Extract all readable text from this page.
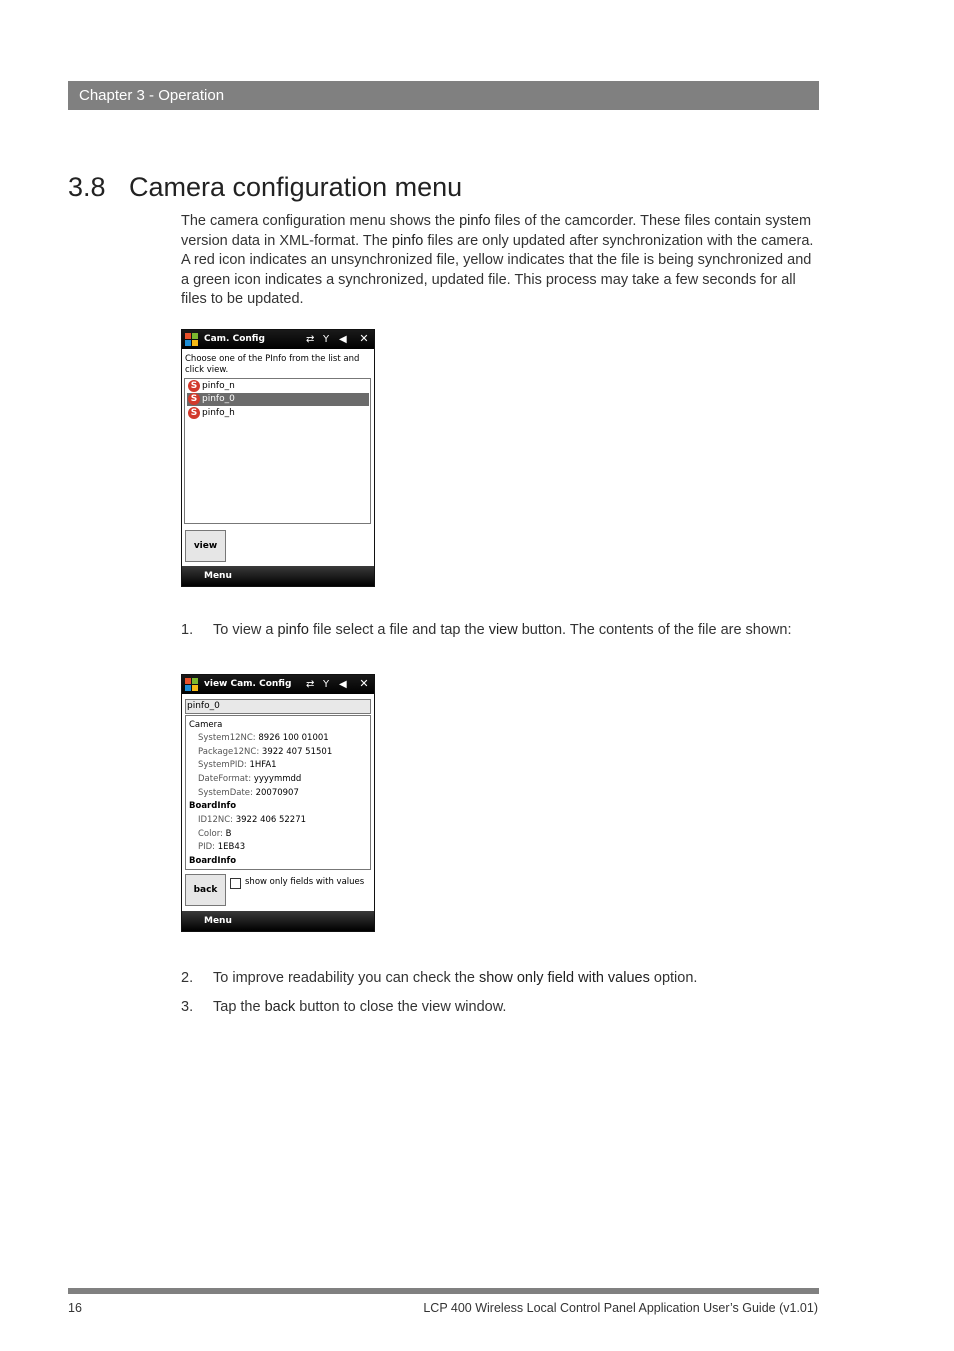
Chapter 3 - Operation
3.8 Camera configuration menu

The camera configuration menu shows the pinfo files of the camcorder. These files contain system version data in XML-format. The pinfo files are only updated after synchronization with the camera. A red icon indicates an unsynchronized file, yellow indicates that the file is being synchronized and a green icon indicates a synchronized, updated file. This process may take a few seconds for all files to be updated.

Cam. Config	⇄ Y ◀ ✕
Choose one of the PInfo from the list and click view.
S pinfo_n
S pinfo_0
S pinfo_h
view
Menu

1. To view a pinfo file select a file and tap the view button. The contents of the file are shown:

view Cam. Config ⇄ Y ◀ ✕
pinfo_0
Camera
System12NC: 8926 100 01001
Package12NC: 3922 407 51501
SystemPID: 1HFA1
DateFormat: yyyymmdd
SystemDate: 20070907
BoardInfo
ID12NC: 3922 406 52271
Color: B
PID: 1EB43
BoardInfo
back
show only fields with values
Menu

2. To improve readability you can check the show only field with values option.

3. Tap the back button to close the view window.

16	LCP 400 Wireless Local Control Panel Application User’s Guide (v1.01)
